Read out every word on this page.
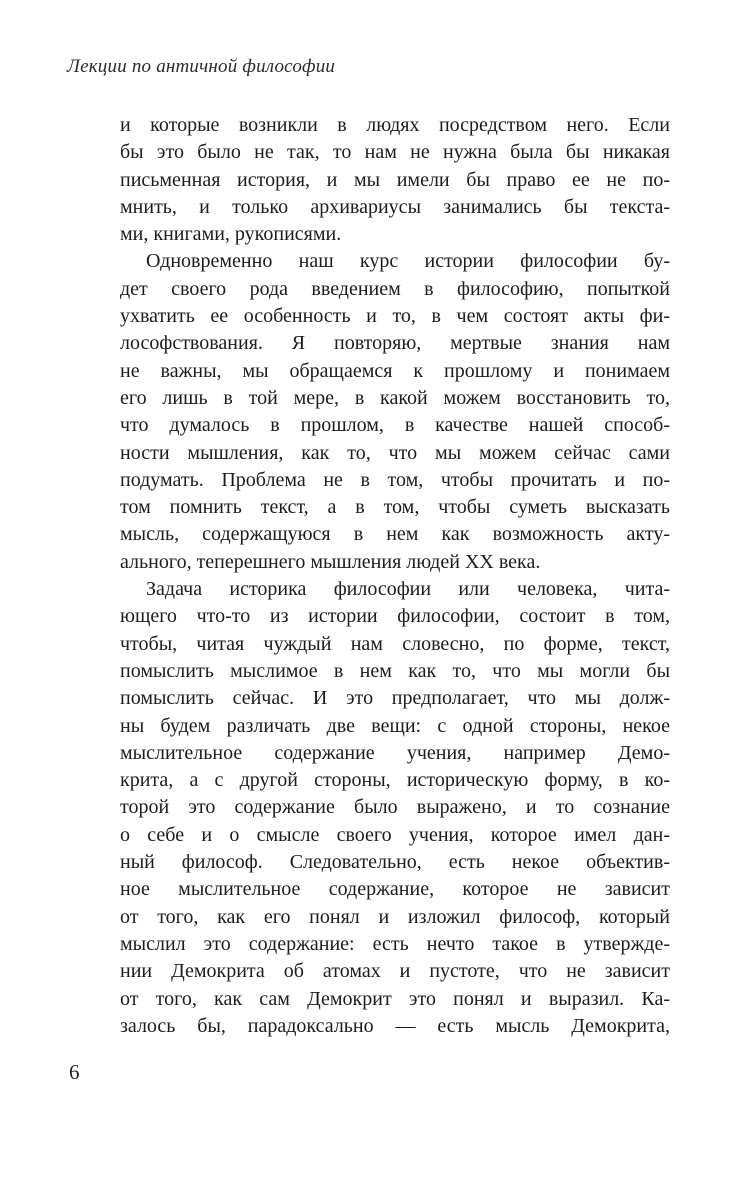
Лекции по античной философии
и которые возникли в людях посредством него. Если
бы это было не так, то нам не нужна была бы никакая
письменная история, и мы имели бы право ее не по-
мнить, и только архивариусы занимались бы текста-
ми, книгами, рукописями.
Одновременно наш курс истории философии бу-
дет своего рода введением в философию, попыткой
ухватить ее особенность и то, в чем состоят акты фи-
лософствования. Я повторяю, мертвые знания нам
не важны, мы обращаемся к прошлому и понимаем
его лишь в той мере, в какой можем восстановить то,
что думалось в прошлом, в качестве нашей способ-
ности мышления, как то, что мы можем сейчас сами
подумать. Проблема не в том, чтобы прочитать и по-
том помнить текст, а в том, чтобы суметь высказать
мысль, содержащуюся в нем как возможность акту-
ального, теперешнего мышления людей XX века.
Задача историка философии или человека, чита-
ющего что-то из истории философии, состоит в том,
чтобы, читая чуждый нам словесно, по форме, текст,
помыслить мыслимое в нем как то, что мы могли бы
помыслить сейчас. И это предполагает, что мы долж-
ны будем различать две вещи: с одной стороны, некое
мыслительное содержание учения, например Демо-
крита, а с другой стороны, историческую форму, в ко-
торой это содержание было выражено, и то сознание
о себе и о смысле своего учения, которое имел дан-
ный философ. Следовательно, есть некое объектив-
ное мыслительное содержание, которое не зависит
от того, как его понял и изложил философ, который
мыслил это содержание: есть нечто такое в утвержде-
нии Демокрита об атомах и пустоте, что не зависит
от того, как сам Демокрит это понял и выразил. Ка-
залось бы, парадоксально — есть мысль Демокрита,
6
